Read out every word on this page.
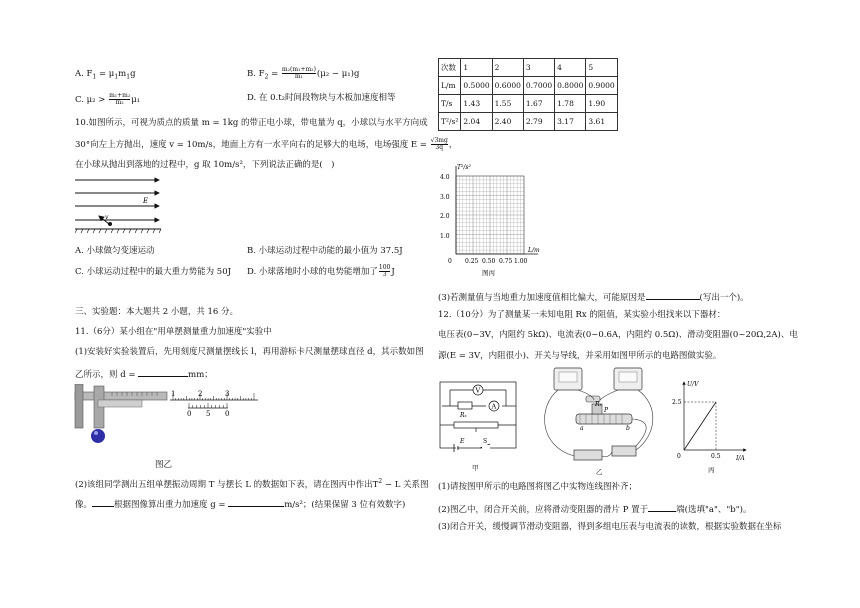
A. $F_1 = \mu_1m_1g$	B. $F_2 = \frac{\text{m₂(m₁+m₂)}}{\text{m₁}} (\mu_2 - \mu_1)g$
C. $\mu_2 > \frac{\text{m₁+m₂}}{\text{m₂}} \mu_1$	D. 在 0.t₂时间段物块与木板加速度相等
10.如图所示，可视为质点的质量 m = 1kg 的带正电小球，带电量为 q，小球以与水平方向成
30°向左上方抛出，速度 v = 10m/s，地面上方有一水平向右的足够大的电场，电场强度 $E = \frac{√3mg}{3q}$ ，
在小球从抛出到落地的过程中，g 取 10m/s²，下列说法正确的是(　)
E
v
A. 小球做匀变速运动	B. 小球运动过程中动能的最小值为 37.5J
C. 小球运动过程中的最大重力势能为 50J D. 小球落地时小球的电势能增加了 $\frac{100}{3}$ J
三、实验题：本大题共 2 小题，共 16 分。
11.（6分）某小组在"用单摆测量重力加速度"实验中
(1)安装好实验装置后，先用刻度尺测量摆线长 l，再用游标卡尺测量摆球直径 d，其示数如图
乙所示，则 d =	mm；
1	2	3
0 5 0
图乙
(2)该组同学测出五组单摆振动周期 T 与摆长 L 的数据如下表，请在图丙中作出$T^2 - L$ 关系图
像。	根据图像算出重力加速度 g =	m/s²；(结果保留 3 位有效数字)
次数	1	2	3	4	5
L/m	0.5000	0.6000	0.7000	0.8000	0.9000
T/s	1.43	1.55	1.67	1.78	1.90
T²/s²	2.04	2.40	2.79	3.17	3.61
T²/s²
4.0
3.0
2.0
1.0
0 0.25 0.50 0.75 1.00
L/m
图丙
(3)若测量值与当地重力加速度值相比偏大，可能原因是	(写出一个)。
12.（10分）为了测量某一未知电阻 Rx 的阻值，某实验小组找来以下器材：
电压表(0~3V，内阻约 5kΩ)、电流表(0~0.6A，内阻约 0.5Ω)、滑动变阻器(0~20Ω,2A)、电
源(E = 3V，内阻很小)、开关与导线，并采用如图甲所示的电路图做实验。
V
A
Rₓ
E	S
甲
Rₓ
P
a	b
乙
U/V
2.5
0	0.5	I/A
丙
(1)请按图甲所示的电路图将图乙中实物连线图补齐；
(2)图乙中，闭合开关前，应将滑动变阻器的滑片 P 置于	端(选填"a"、"b")。
(3)闭合开关，缓慢调节滑动变阻器，得到多组电压表与电流表的读数，根据实验数据在坐标
